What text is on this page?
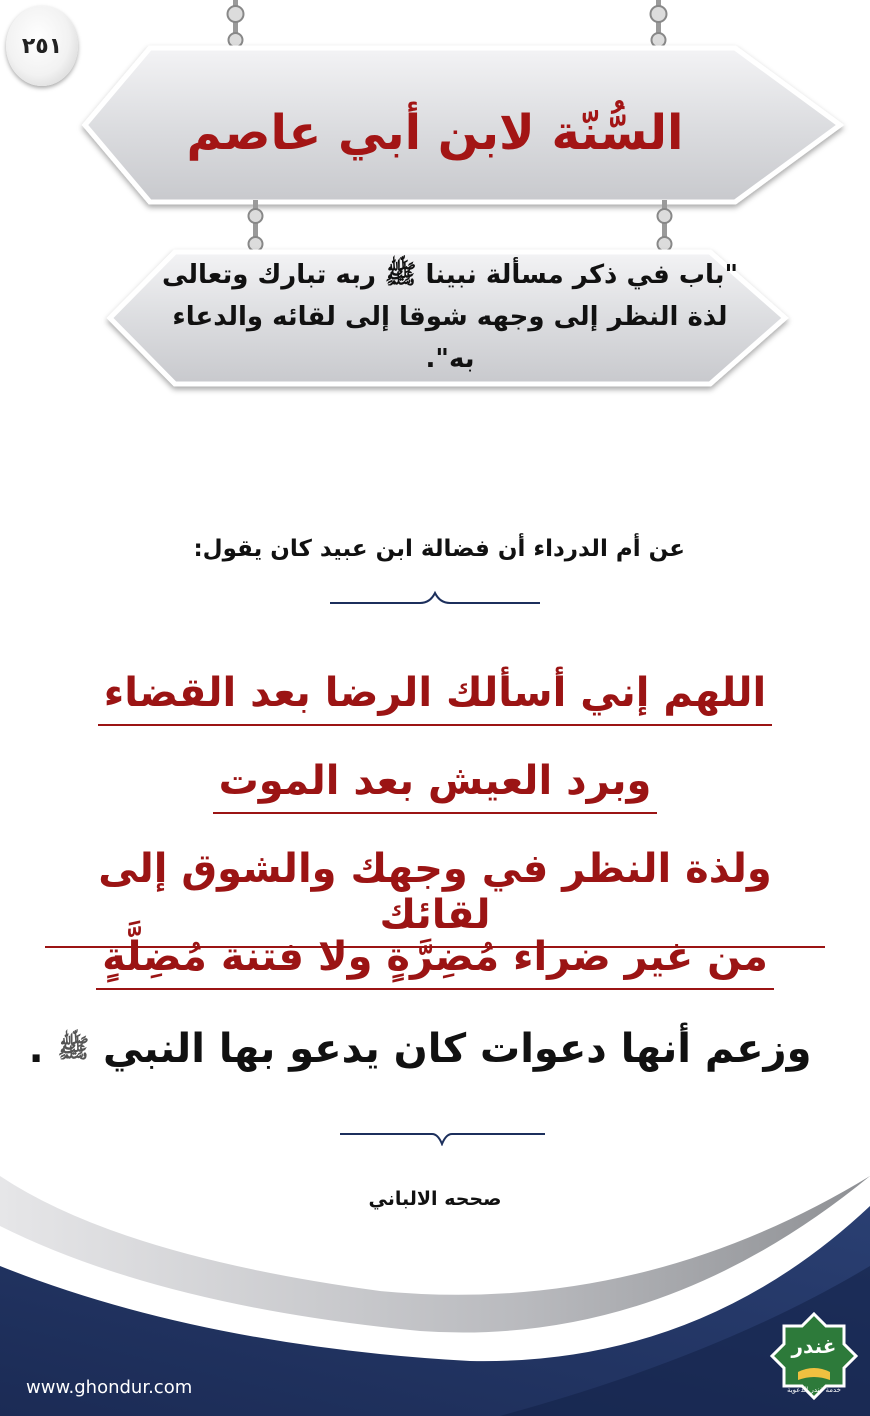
٢٥١
السُّنّة لابن أبي عاصم
"باب في ذكر مسألة نبينا ﷺ ربه تبارك وتعالى
لذة النظر إلى وجهه شوقا إلى لقائه والدعاء به".
عن أم الدرداء أن فضالة ابن عبيد كان يقول:
اللهم إني أسألك الرضا بعد القضاء
وبرد العيش بعد الموت
ولذة النظر في وجهك والشوق إلى لقائك
من غير ضراء مُضِرَّةٍ ولا فتنة مُضِلَّةٍ
وزعم أنها دعوات كان يدعو بها النبي ﷺ .
صححه الالباني
www.ghondur.com
غندر
خدمة غندر الدعوية
